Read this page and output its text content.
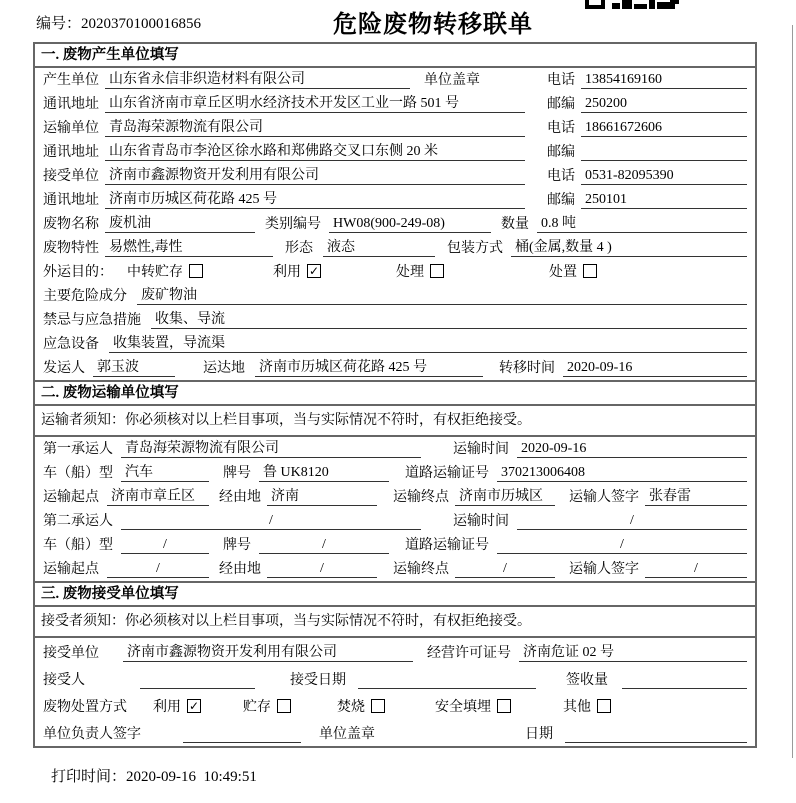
编号：2020370100016856	危险废物转移联单
一. 废物产生单位填写
产生单位 山东省永信非织造材料有限公司	单位盖章	电话 13854169160
通讯地址 山东省济南市章丘区明水经济技术开发区工业一路 501 号	邮编 250200
运输单位 青岛海荣源物流有限公司	电话 18661672606
通讯地址 山东省青岛市李沧区徐水路和郑佛路交叉口东侧 20 米	邮编
接受单位 济南市鑫源物资开发利用有限公司	电话 0531-82095390
通讯地址 济南市历城区荷花路 425 号	邮编 250101
废物名称 废机油	类别编号 HW08(900-249-08)	数量 0.8 吨
废物特性 易燃性,毒性	形态 液态	包装方式 桶(金属,数量 4 )
外运目的： 中转贮存	利用 ✓	处理	处置
主要危险成分 废矿物油
禁忌与应急措施 收集、导流
应急设备 收集装置，导流渠
发运人 郭玉波	运达地 济南市历城区荷花路 425 号	转移时间 2020-09-16
二. 废物运输单位填写
运输者须知：你必须核对以上栏目事项，当与实际情况不符时，有权拒绝接受。
第一承运人 青岛海荣源物流有限公司	运输时间 2020-09-16
车（船）型 汽车	牌号 鲁 UK8120	道路运输证号 370213006408
运输起点 济南市章丘区	经由地 济南	运输终点 济南市历城区	运输人签字 张春雷
第二承运人	/	运输时间	/
车（船）型	/	牌号	/	道路运输证号	/
运输起点	/	经由地	/	运输终点	/	运输人签字	/
三. 废物接受单位填写
接受者须知：你必须核对以上栏目事项，当与实际情况不符时，有权拒绝接受。
接受单位 济南市鑫源物资开发利用有限公司	经营许可证号 济南危证 02 号
接受人	接受日期	签收量
废物处置方式 利用 ✓	贮存	焚烧	安全填埋	其他
单位负责人签字	单位盖章	日期

打印时间：2020-09-16  10:49:51
